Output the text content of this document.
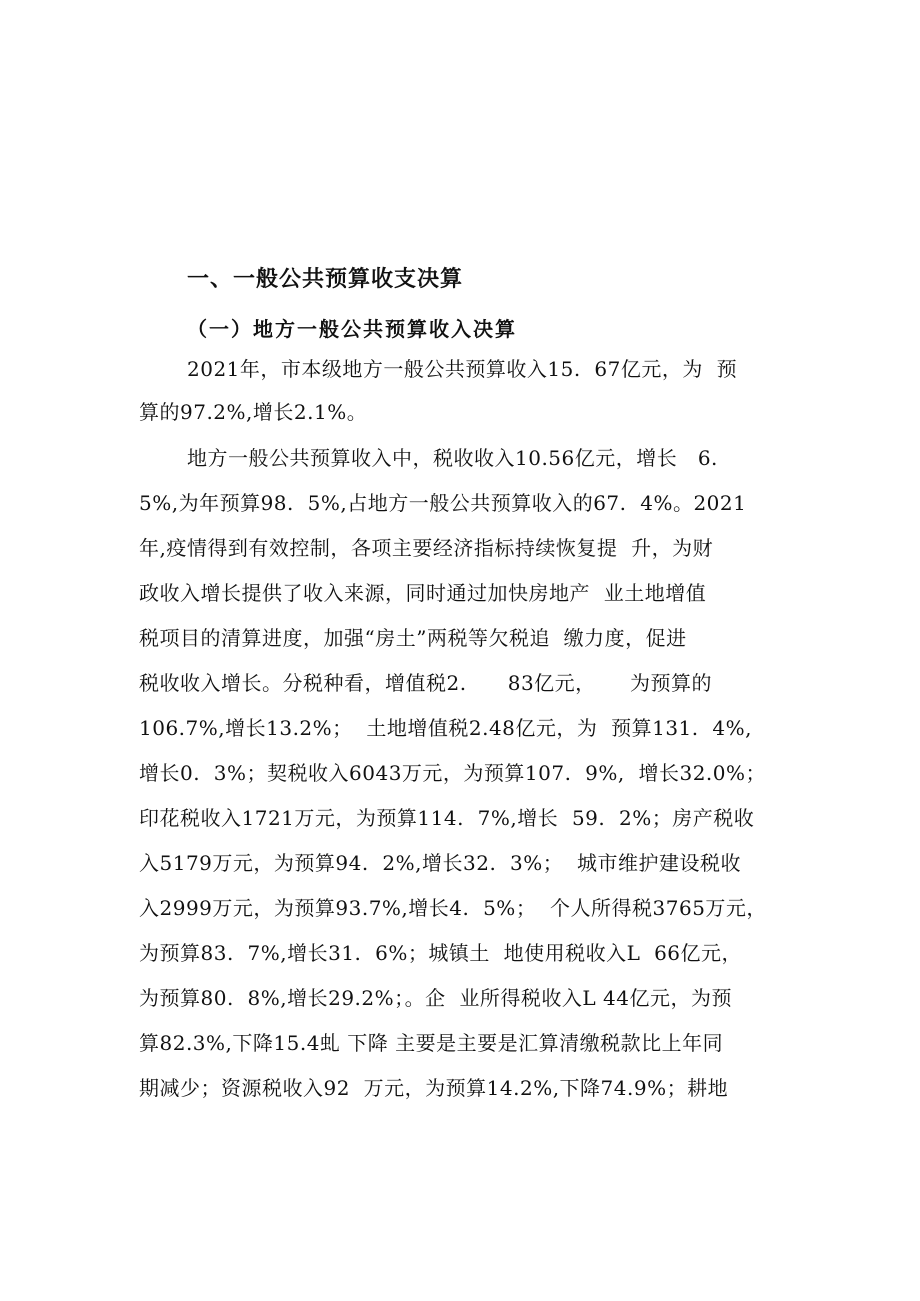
一、一般公共预算收支决算
（一）地方一般公共预算收入决算
2021年，市本级地方一般公共预算收入15.  67亿元，为  预
算的97.2%,增长2.1%。
地方一般公共预算收入中，税收收入10.56亿元，增长   6.
5%,为年预算98.  5%,占地方一般公共预算收入的67.  4%。2021
年,疫情得到有效控制，各项主要经济指标持续恢复提  升，为财
政收入增长提供了收入来源，同时通过加快房地产  业土地增值
税项目的清算进度，加强“房土”两税等欠税追  缴力度，促进
税收收入增长。分税种看，增值税2.      83亿元，     为预算的
106.7%,增长13.2%；  土地增值税2.48亿元，为  预算131.  4%,
增长0.  3%；契税收入6043万元，为预算107.  9%,  增长32.0%；
印花税收入1721万元，为预算114.  7%,增长  59.  2%；房产税收
入5179万元，为预算94.  2%,增长32.  3%；  城市维护建设税收
入2999万元，为预算93.7%,增长4.  5%；  个人所得税3765万元，
为预算83.  7%,增长31.  6%；城镇土  地使用税收入L  66亿元，
为预算80.  8%,增长29.2%；。企  业所得税收入L 44亿元，为预
算82.3%,下降15.4虬 下降 主要是主要是汇算清缴税款比上年同
期减少；资源税收入92  万元，为预算14.2%,下降74.9%；耕地
